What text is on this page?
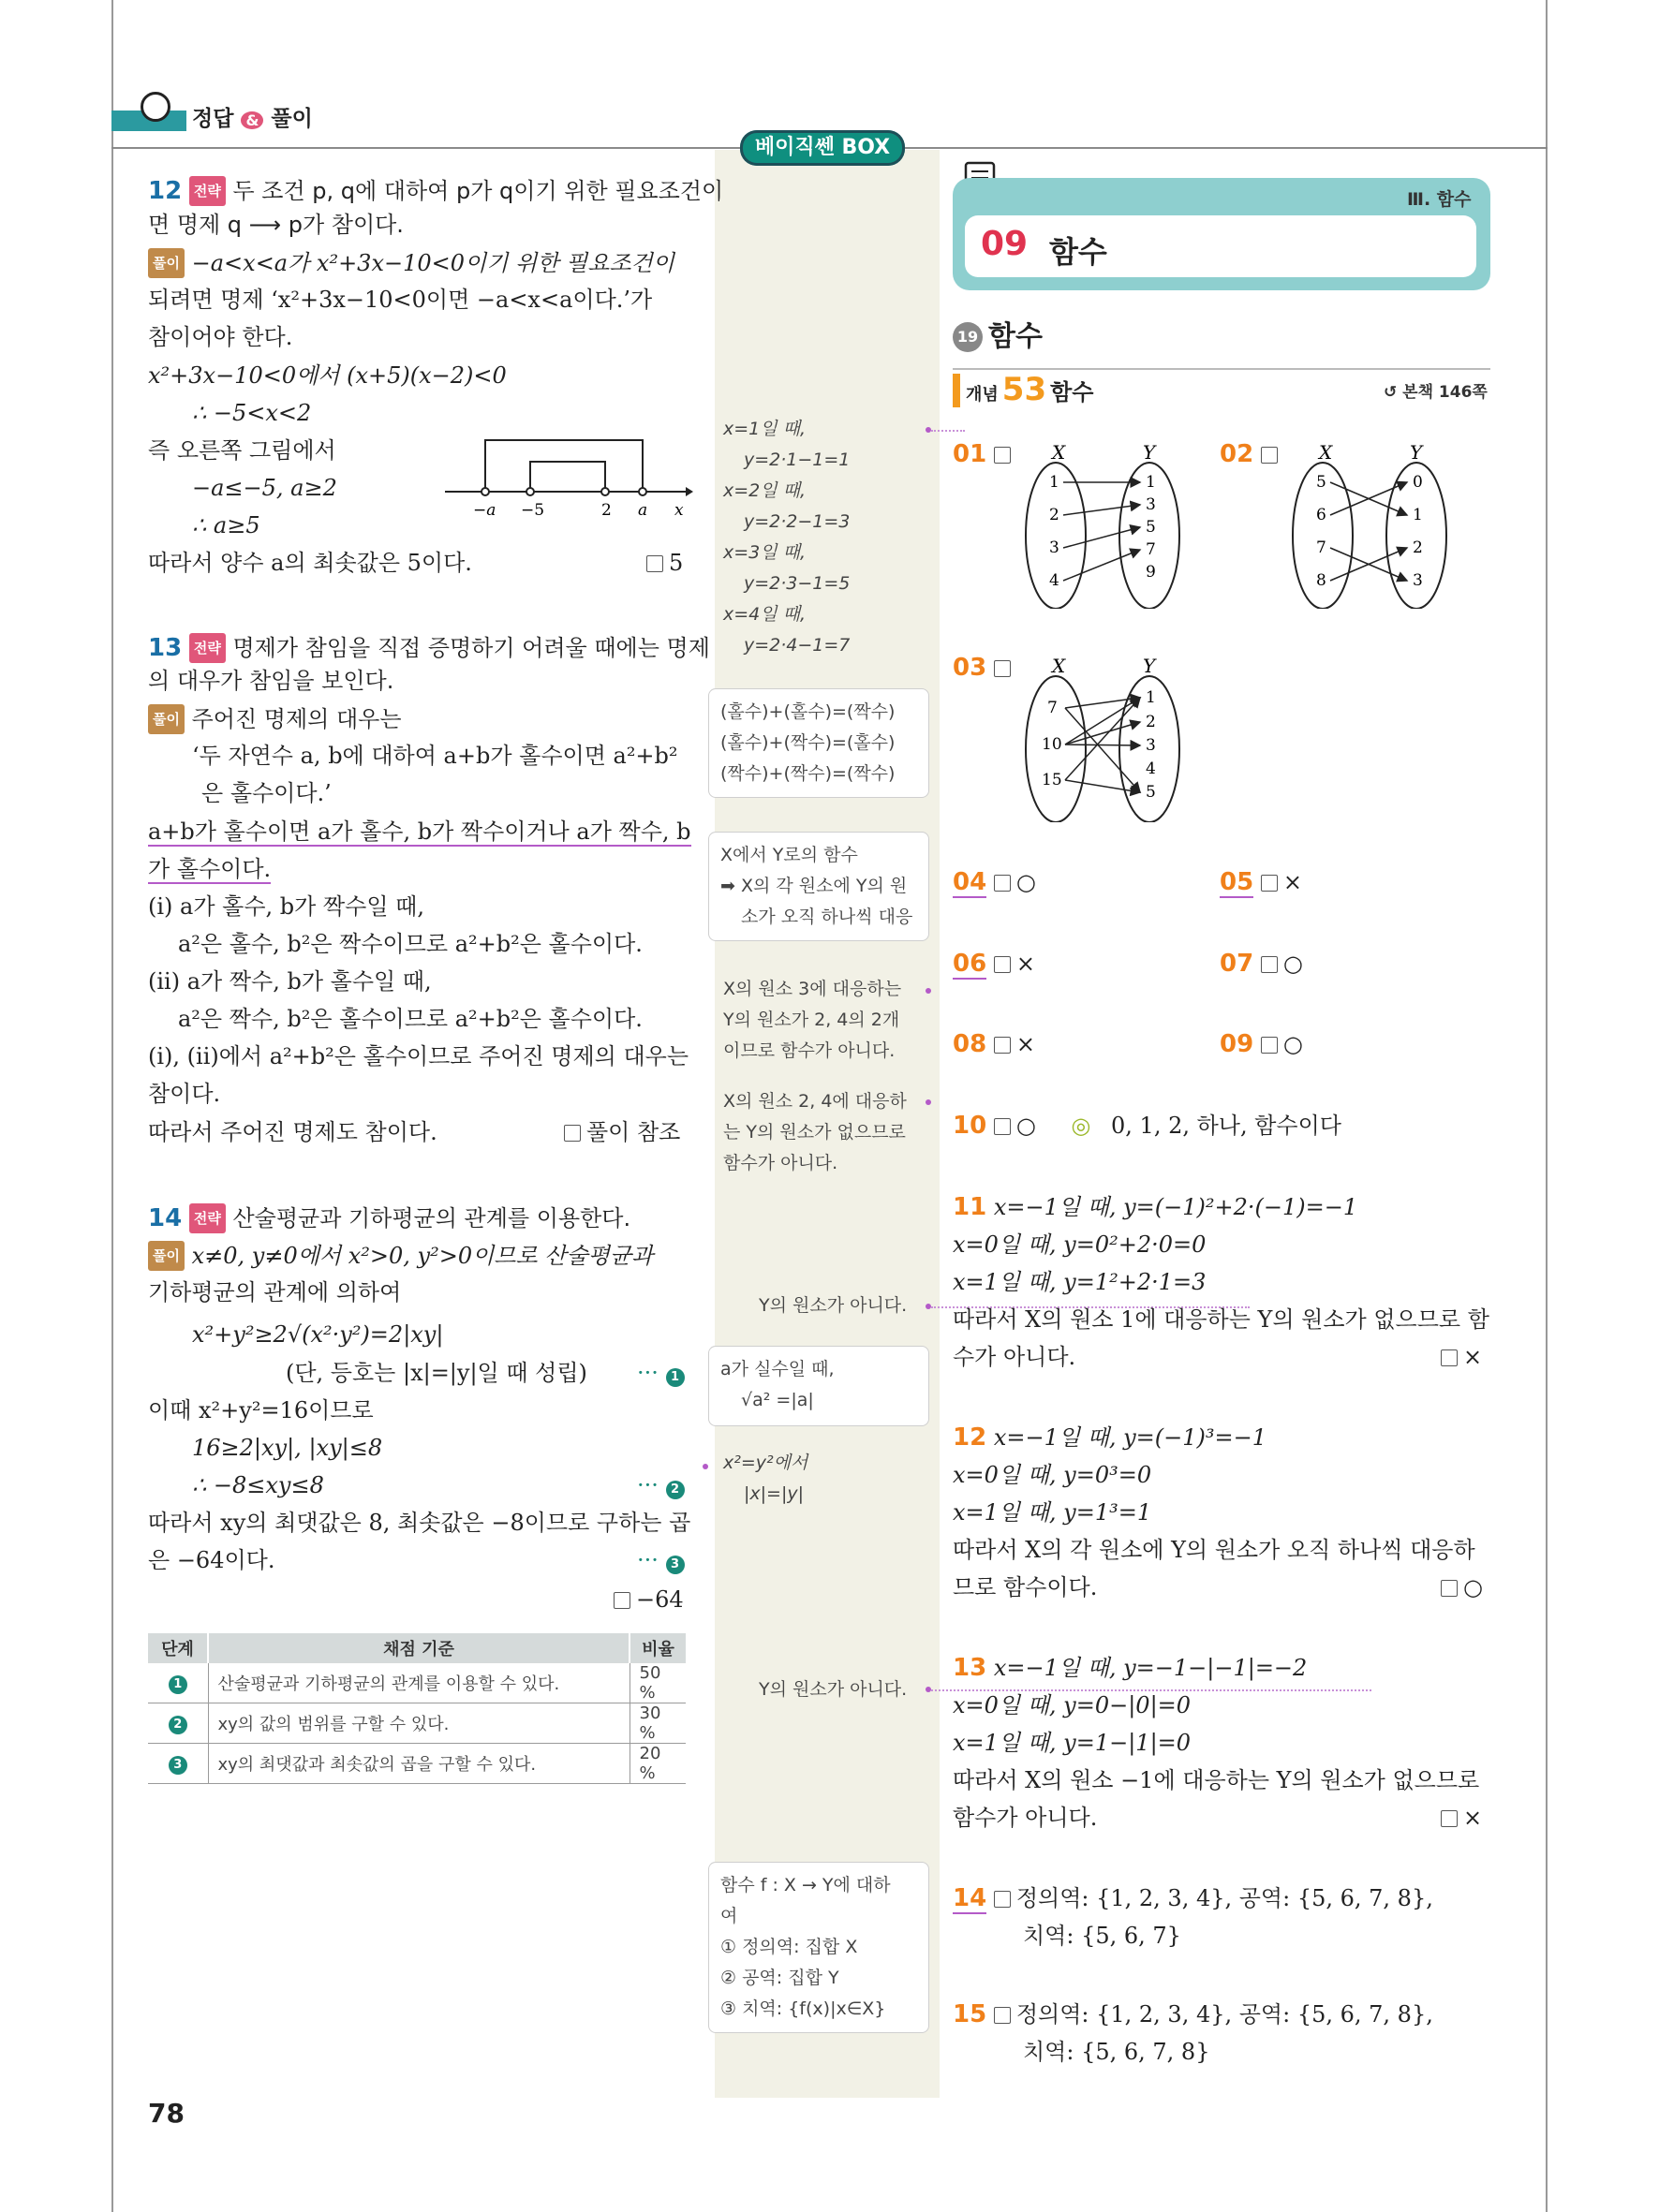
정답 & 풀이
베이직쎈 BOX
12 전략 두 조건 p, q에 대하여 p가 q이기 위한 필요조건이
면 명제 q ⟶ p가 참이다.
풀이 −a<x<a가 x²+3x−10<0이기 위한 필요조건이
되려면 명제 ‘x²+3x−10<0이면 −a<x<a이다.’가
참이어야 한다.
x²+3x−10<0에서 (x+5)(x−2)<0
∴ −5<x<2
즉 오른쪽 그림에서
−a≤−5, a≥2
∴ a≥5
따라서 양수 a의 최솟값은 5이다.	5
−a −5	2 a x
13 전략 명제가 참임을 직접 증명하기 어려울 때에는 명제
의 대우가 참임을 보인다.
풀이 주어진 명제의 대우는
‘두 자연수 a, b에 대하여 a+b가 홀수이면 a²+b²
은 홀수이다.’
a+b가 홀수이면 a가 홀수, b가 짝수이거나 a가 짝수, b
가 홀수이다.
(i) a가 홀수, b가 짝수일 때,
a²은 홀수, b²은 짝수이므로 a²+b²은 홀수이다.
(ii) a가 짝수, b가 홀수일 때,
a²은 짝수, b²은 홀수이므로 a²+b²은 홀수이다.
(i), (ii)에서 a²+b²은 홀수이므로 주어진 명제의 대우는
참이다.
따라서 주어진 명제도 참이다.	풀이 참조
14 전략 산술평균과 기하평균의 관계를 이용한다.
풀이 x≠0, y≠0에서 x²>0, y²>0이므로 산술평균과
기하평균의 관계에 의하여
x²+y²≥2√(x²·y²)=2|xy|
(단, 등호는 |x|=|y|일 때 성립) ··· 1
이때 x²+y²=16이므로
16≥2|xy|, |xy|≤8
∴ −8≤xy≤8	··· 2
따라서 xy의 최댓값은 8, 최솟값은 −8이므로 구하는 곱
은 −64이다.	··· 3
−64
단계	채점 기준	비율
1	산술평균과 기하평균의 관계를 이용할 수 있다.	50 %
2	xy의 값의 범위를 구할 수 있다.	30 %
3	xy의 최댓값과 최솟값의 곱을 구할 수 있다.	20 %
x=1일 때,
y=2·1−1=1
x=2일 때,
y=2·2−1=3
x=3일 때,
y=2·3−1=5
x=4일 때,
y=2·4−1=7
(홀수)+(홀수)=(짝수)
(홀수)+(짝수)=(홀수)
(짝수)+(짝수)=(짝수)
X에서 Y로의 함수
➡ X의 각 원소에 Y의 원
소가 오직 하나씩 대응
X의 원소 3에 대응하는
Y의 원소가 2, 4의 2개
이므로 함수가 아니다.
X의 원소 2, 4에 대응하
는 Y의 원소가 없으므로
함수가 아니다.
Y의 원소가 아니다.
a가 실수일 때,
√a² =|a|
x²=y²에서
|x|=|y|
Y의 원소가 아니다.
함수 f : X → Y에 대하
여
① 정의역: 집합 X
② 공역: 집합 Y
③ 치역: {f(x)|x∈X}
Ⅲ. 함수
09 함수
19 함수
개념 53 함수	↺ 본책 146쪽
01	X	Y
1
2
3
4
1
3
5
7
9
02	X	Y
5
6
7
8
0
1
2
3
03	X	Y
7
10
15
1
2
3
4
5
04 ○	05 ×
06 ×	07 ○
08 ×	09 ○
10 ○ ◎ 0, 1, 2, 하나, 함수이다
11 x=−1일 때, y=(−1)²+2·(−1)=−1
x=0일 때, y=0²+2·0=0
x=1일 때, y=1²+2·1=3
따라서 X의 원소 1에 대응하는 Y의 원소가 없으므로 함
수가 아니다.	×
12 x=−1일 때, y=(−1)³=−1
x=0일 때, y=0³=0
x=1일 때, y=1³=1
따라서 X의 각 원소에 Y의 원소가 오직 하나씩 대응하
므로 함수이다.	○
13 x=−1일 때, y=−1−|−1|=−2
x=0일 때, y=0−|0|=0
x=1일 때, y=1−|1|=0
따라서 X의 원소 −1에 대응하는 Y의 원소가 없으므로
함수가 아니다.	×
14 정의역: {1, 2, 3, 4}, 공역: {5, 6, 7, 8},
치역: {5, 6, 7}
15 정의역: {1, 2, 3, 4}, 공역: {5, 6, 7, 8},
치역: {5, 6, 7, 8}
78
